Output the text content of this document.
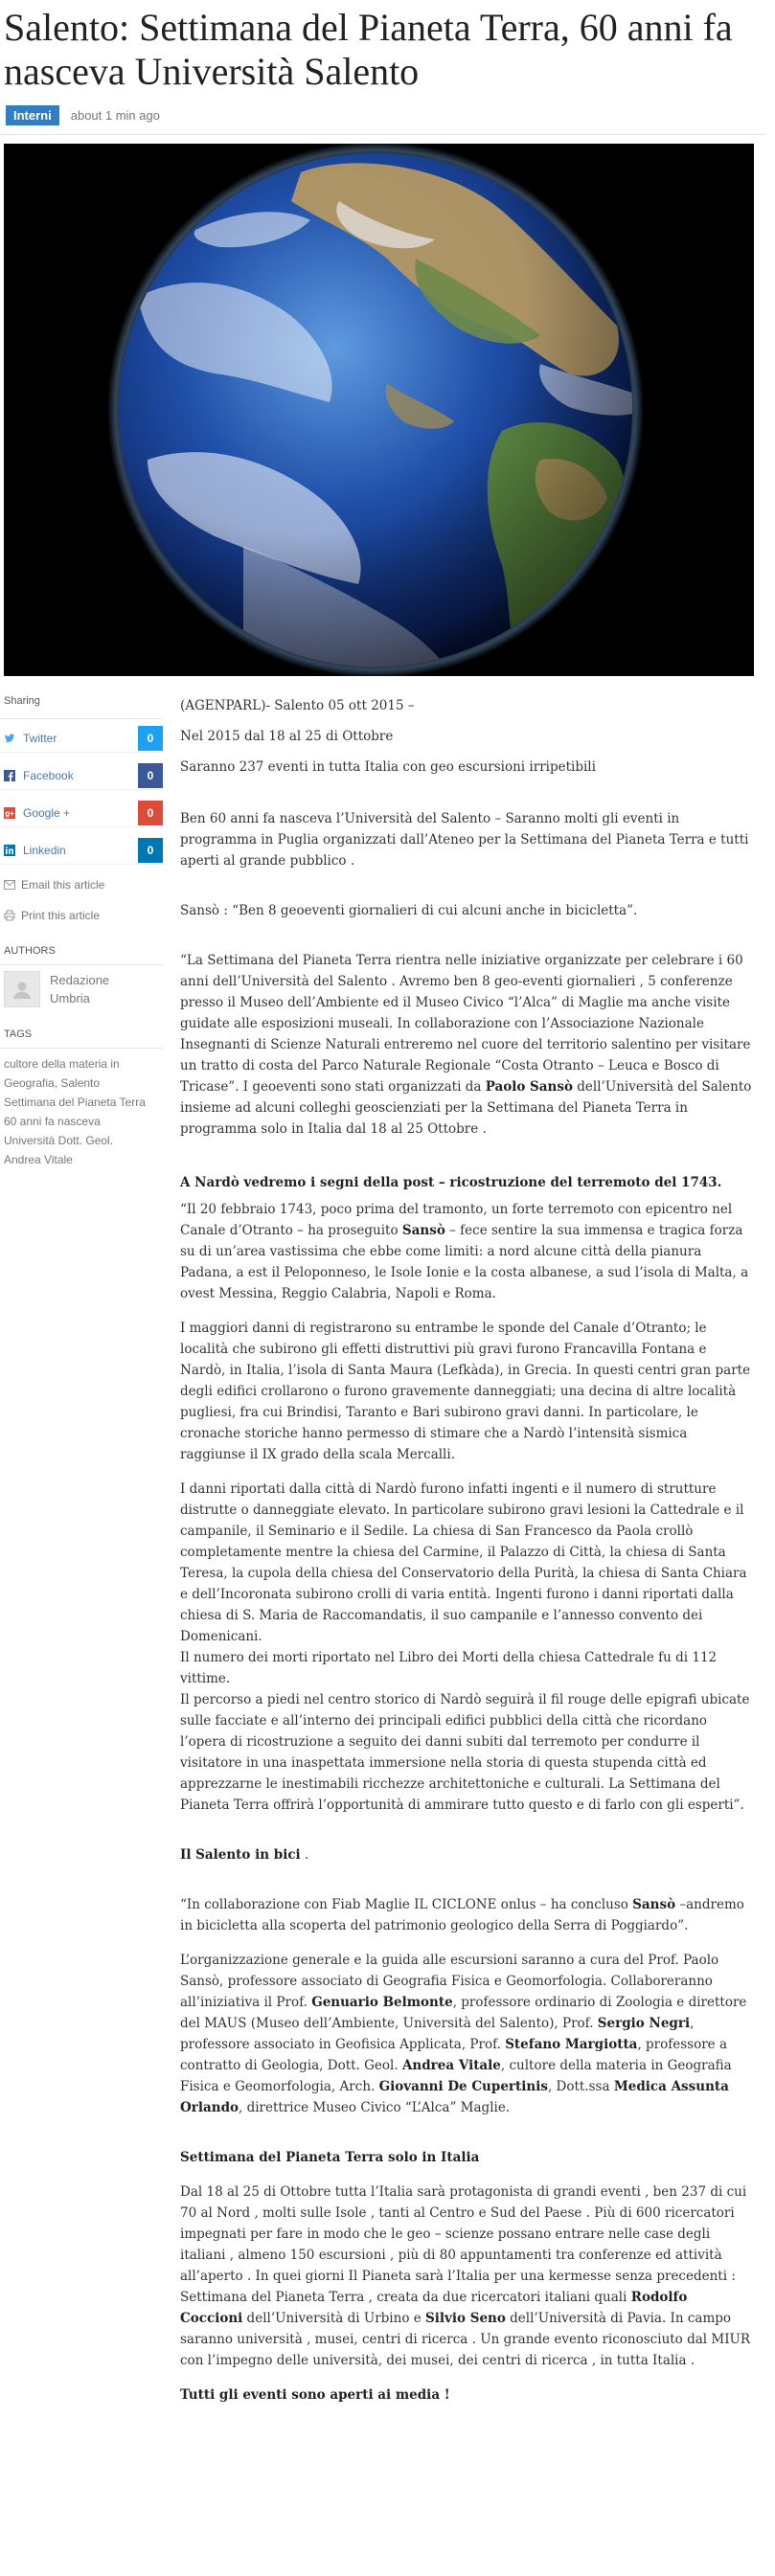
Salento: Settimana del Pianeta Terra, 60 anni fa nasceva Università Salento
Interni	about 1 min ago
Sharing
Twitter	0
Facebook	0
g+ Google +	0
Linkedin	0
Email this article
Print this article
AUTHORS
Redazione Umbria
TAGS
cultore della materia in Geografia, Salento Settimana del Pianeta Terra 60 anni fa nasceva Università Dott. Geol. Andrea Vitale

(AGENPARL)- Salento 05 ott 2015 –

Nel 2015 dal 18 al 25 di Ottobre

Saranno 237 eventi in tutta Italia con geo escursioni irripetibili

Ben 60 anni fa nasceva l’Università del Salento – Saranno molti gli eventi in programma in Puglia organizzati dall’Ateneo per la Settimana del Pianeta Terra e tutti aperti al grande pubblico .

Sansò : “Ben 8 geoeventi giornalieri di cui alcuni anche in bicicletta”.

“La Settimana del Pianeta Terra rientra nelle iniziative organizzate per celebrare i 60 anni dell’Università del Salento . Avremo ben 8 geo-eventi giornalieri , 5 conferenze presso il Museo dell’Ambiente ed il Museo Civico “l’Alca” di Maglie ma anche visite guidate alle esposizioni museali. In collaborazione con l’Associazione Nazionale Insegnanti di Scienze Naturali entreremo nel cuore del territorio salentino per visitare un tratto di costa del Parco Naturale Regionale “Costa Otranto – Leuca e Bosco di Tricase”. I geoeventi sono stati organizzati da Paolo Sansò dell’Università del Salento insieme ad alcuni colleghi geoscienziati per la Settimana del Pianeta Terra in programma solo in Italia dal 18 al 25 Ottobre .

A Nardò vedremo i segni della post – ricostruzione del terremoto del 1743.

“Il 20 febbraio 1743, poco prima del tramonto, un forte terremoto con epicentro nel Canale d’Otranto – ha proseguito Sansò – fece sentire la sua immensa e tragica forza su di un’area vastissima che ebbe come limiti: a nord alcune città della pianura Padana, a est il Peloponneso, le Isole Ionie e la costa albanese, a sud l’isola di Malta, a ovest Messina, Reggio Calabria, Napoli e Roma.

I maggiori danni di registrarono su entrambe le sponde del Canale d’Otranto; le località che subirono gli effetti distruttivi più gravi furono Francavilla Fontana e Nardò, in Italia, l’isola di Santa Maura (Lefkàda), in Grecia. In questi centri gran parte degli edifici crollarono o furono gravemente danneggiati; una decina di altre località pugliesi, fra cui Brindisi, Taranto e Bari subirono gravi danni. In particolare, le cronache storiche hanno permesso di stimare che a Nardò l’intensità sismica raggiunse il IX grado della scala Mercalli.

I danni riportati dalla città di Nardò furono infatti ingenti e il numero di strutture distrutte o danneggiate elevato. In particolare subirono gravi lesioni la Cattedrale e il campanile, il Seminario e il Sedile. La chiesa di San Francesco da Paola crollò completamente mentre la chiesa del Carmine, il Palazzo di Città, la chiesa di Santa Teresa, la cupola della chiesa del Conservatorio della Purità, la chiesa di Santa Chiara e dell’Incoronata subirono crolli di varia entità. Ingenti furono i danni riportati dalla chiesa di S. Maria de Raccomandatis, il suo campanile e l’annesso convento dei Domenicani.

Il numero dei morti riportato nel Libro dei Morti della chiesa Cattedrale fu di 112 vittime.

Il percorso a piedi nel centro storico di Nardò seguirà il fil rouge delle epigrafi ubicate sulle facciate e all’interno dei principali edifici pubblici della città che ricordano l’opera di ricostruzione a seguito dei danni subiti dal terremoto per condurre il visitatore in una inaspettata immersione nella storia di questa stupenda città ed apprezzarne le inestimabili ricchezze architettoniche e culturali. La Settimana del Pianeta Terra offrirà l’opportunità di ammirare tutto questo e di farlo con gli esperti”.

Il Salento in bici .

“In collaborazione con Fiab Maglie IL CICLONE onlus – ha concluso Sansò –andremo in bicicletta alla scoperta del patrimonio geologico della Serra di Poggiardo”.

L’organizzazione generale e la guida alle escursioni saranno a cura del Prof. Paolo Sansò, professore associato di Geografia Fisica e Geomorfologia. Collaboreranno all’iniziativa il Prof. Genuario Belmonte, professore ordinario di Zoologia e direttore del MAUS (Museo dell’Ambiente, Università del Salento), Prof. Sergio Negri, professore associato in Geofisica Applicata, Prof. Stefano Margiotta, professore a contratto di Geologia, Dott. Geol. Andrea Vitale, cultore della materia in Geografia Fisica e Geomorfologia, Arch. Giovanni De Cupertinis, Dott.ssa Medica Assunta Orlando, direttrice Museo Civico “L’Alca” Maglie.

Settimana del Pianeta Terra solo in Italia

Dal 18 al 25 di Ottobre tutta l’Italia sarà protagonista di grandi eventi , ben 237 di cui 70 al Nord , molti sulle Isole , tanti al Centro e Sud del Paese . Più di 600 ricercatori impegnati per fare in modo che le geo – scienze possano entrare nelle case degli italiani , almeno 150 escursioni , più di 80 appuntamenti tra conferenze ed attività all’aperto . In quei giorni Il Pianeta sarà l’Italia per una kermesse senza precedenti : Settimana del Pianeta Terra , creata da due ricercatori italiani quali Rodolfo Coccioni dell’Università di Urbino e Silvio Seno dell’Università di Pavia. In campo saranno università , musei, centri di ricerca . Un grande evento riconosciuto dal MIUR con l’impegno delle università, dei musei, dei centri di ricerca , in tutta Italia .

Tutti gli eventi sono aperti ai media !
